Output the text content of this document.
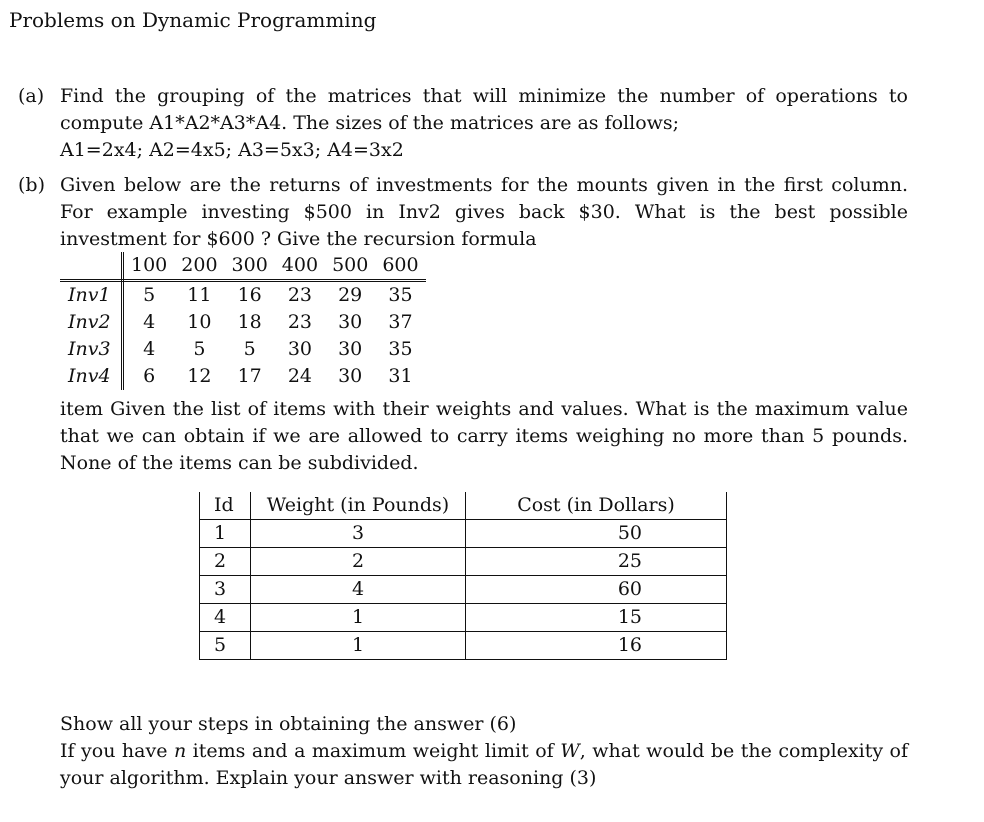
Problems on Dynamic Programming
(a) Find the grouping of the matrices that will minimize the number of operations to compute A1*A2*A3*A4. The sizes of the matrices are as follows;
A1=2x4; A2=4x5; A3=5x3; A4=3x2
(b) Given below are the returns of investments for the mounts given in the first column. For example investing $500 in Inv2 gives back $30. What is the best possible investment for $600 ? Give the recursion formula
	100	200	300	400	500	600
Inv1	5	11	16	23	29	35
Inv2	4	10	18	23	30	37
Inv3	4	5	5	30	30	35
Inv4	6	12	17	24	30	31
item Given the list of items with their weights and values. What is the maximum value that we can obtain if we are allowed to carry items weighing no more than 5 pounds. None of the items can be subdivided.
Id	Weight (in Pounds)	Cost (in Dollars)
1	3	50
2	2	25
3	4	60
4	1	15
5	1	16
Show all your steps in obtaining the answer (6)
If you have n items and a maximum weight limit of W, what would be the complexity of your algorithm. Explain your answer with reasoning (3)
